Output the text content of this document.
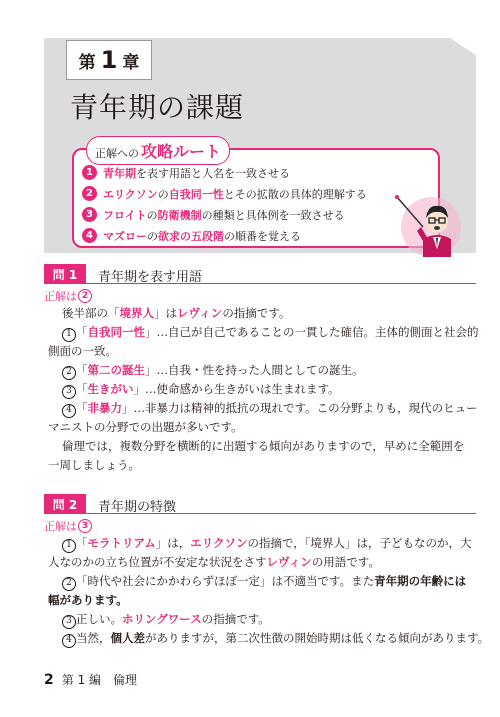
第 1 章
青年期の課題
正解への 攻略ルート
1 青年期 を表す用語と人名を一致させる
2 エリクソン の 自我同一性 とその拡散の具体的理解する
3 フロイト の 防衛機制 の種類と具体例を一致させる
4 マズロー の 欲求の五段階 の順番を覚える
問 1	青年期を表す用語
正解は 2
後半部の「境界人」はレヴィンの指摘です。
1 「自我同一性」…自己が自己であることの一貫した確信。主体的側面と社会的
側面の一致。
2 「第二の誕生」…自我・性を持った人間としての誕生。
3 「生きがい」…使命感から生きがいは生まれます。
4 「非暴力」…非暴力は精神的抵抗の現れです。この分野よりも，現代のヒュー
マニストの分野での出題が多いです。
倫理では，複数分野を横断的に出題する傾向がありますので，早めに全範囲を
一周しましょう。
問 2	青年期の特徴
正解は 3
1 「モラトリアム」は，エリクソンの指摘で，「境界人」は，子どもなのか，大
人なのかの立ち位置が不安定な状況をさすレヴィンの用語です。
2 「時代や社会にかかわらずほぼ一定」は不適当です。また青年期の年齢には
幅があります。
3 正しい。ホリングワースの指摘です。
4 当然，個人差がありますが，第二次性徴の開始時期は低くなる傾向があります。
2 第 1 編　倫理
